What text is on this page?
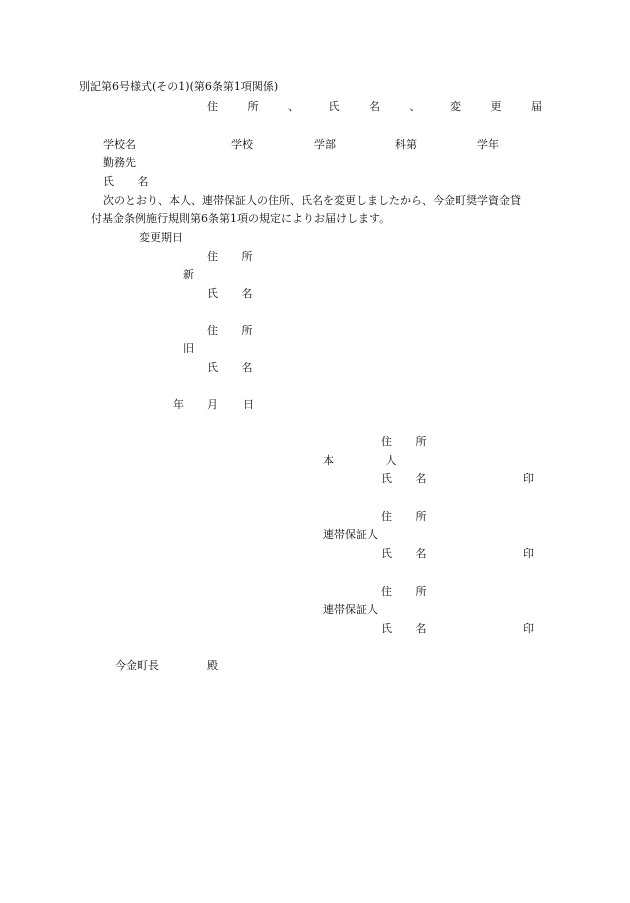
別記第6号様式(その1)(第6条第1項関係)
住 所 、 氏 名 、 変 更 届
学校名	学校	学部	科第	学年
勤務先
氏 名
次のとおり、本人、連帯保証人の住所、氏名を変更しましたから、今金町奨学資金貸
付基金条例施行規則第6条第1項の規定によりお届けします。
変更期日
住 所
新
氏 名
住 所
旧
氏 名
年 月 日
住 所
本 人
氏 名	印
住 所
連帯保証人
氏 名	印
住 所
連帯保証人
氏 名	印
今金町長	殿
